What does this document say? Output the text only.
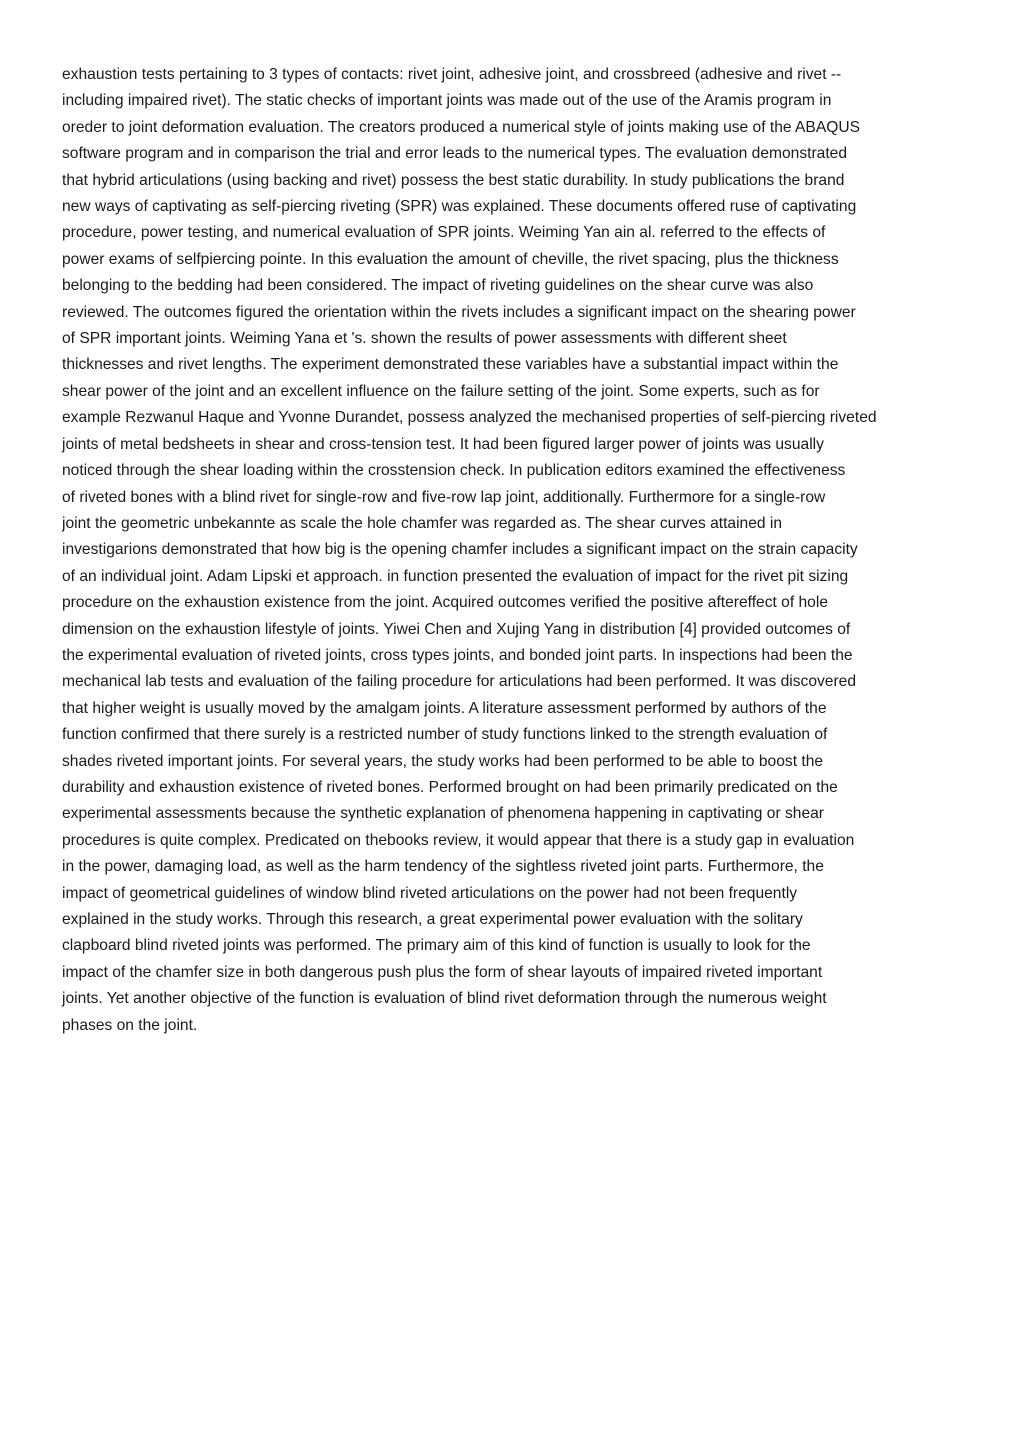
exhaustion tests pertaining to 3 types of contacts: rivet joint, adhesive joint, and crossbreed (adhesive and rivet --
including impaired rivet). The static checks of important joints was made out of the use of the Aramis program in
oreder to joint deformation evaluation. The creators produced a numerical style of joints making use of the ABAQUS
software program and in comparison the trial and error leads to the numerical types. The evaluation demonstrated
that hybrid articulations (using backing and rivet) possess the best static durability. In study publications the brand
new ways of captivating as self-piercing riveting (SPR) was explained. These documents offered ruse of captivating
procedure, power testing, and numerical evaluation of SPR joints. Weiming Yan ain al. referred to the effects of
power exams of selfpiercing pointe. In this evaluation the amount of cheville, the rivet spacing, plus the thickness
belonging to the bedding had been considered. The impact of riveting guidelines on the shear curve was also
reviewed. The outcomes figured the orientation within the rivets includes a significant impact on the shearing power
of SPR important joints. Weiming Yana et 's. shown the results of power assessments with different sheet
thicknesses and rivet lengths. The experiment demonstrated these variables have a substantial impact within the
shear power of the joint and an excellent influence on the failure setting of the joint. Some experts, such as for
example Rezwanul Haque and Yvonne Durandet, possess analyzed the mechanised properties of self-piercing riveted
joints of metal bedsheets in shear and cross-tension test. It had been figured larger power of joints was usually
noticed through the shear loading within the crosstension check. In publication editors examined the effectiveness
of riveted bones with a blind rivet for single-row and five-row lap joint, additionally. Furthermore for a single-row
joint the geometric unbekannte as scale the hole chamfer was regarded as. The shear curves attained in
investigarions demonstrated that how big is the opening chamfer includes a significant impact on the strain capacity
of an individual joint. Adam Lipski et approach. in function presented the evaluation of impact for the rivet pit sizing
procedure on the exhaustion existence from the joint. Acquired outcomes verified the positive aftereffect of hole
dimension on the exhaustion lifestyle of joints. Yiwei Chen and Xujing Yang in distribution [4] provided outcomes of
the experimental evaluation of riveted joints, cross types joints, and bonded joint parts. In inspections had been the
mechanical lab tests and evaluation of the failing procedure for articulations had been performed. It was discovered
that higher weight is usually moved by the amalgam joints. A literature assessment performed by authors of the
function confirmed that there surely is a restricted number of study functions linked to the strength evaluation of
shades riveted important joints. For several years, the study works had been performed to be able to boost the
durability and exhaustion existence of riveted bones. Performed brought on had been primarily predicated on the
experimental assessments because the synthetic explanation of phenomena happening in captivating or shear
procedures is quite complex. Predicated on thebooks review, it would appear that there is a study gap in evaluation
in the power, damaging load, as well as the harm tendency of the sightless riveted joint parts. Furthermore, the
impact of geometrical guidelines of window blind riveted articulations on the power had not been frequently
explained in the study works. Through this research, a great experimental power evaluation with the solitary
clapboard blind riveted joints was performed. The primary aim of this kind of function is usually to look for the
impact of the chamfer size in both dangerous push plus the form of shear layouts of impaired riveted important
joints. Yet another objective of the function is evaluation of blind rivet deformation through the numerous weight
phases on the joint.
